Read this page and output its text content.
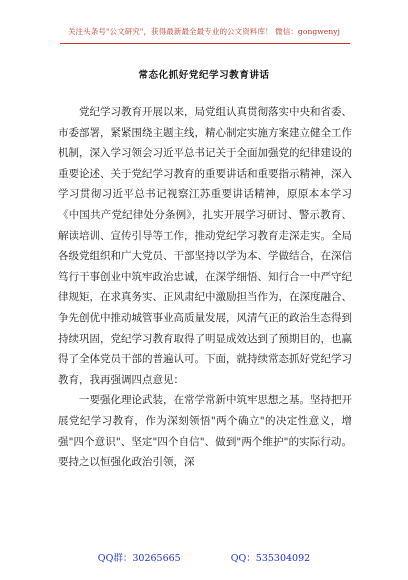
关注头条号"公文研究"，获得最新最全最专业的公文资料库！ 微信：gongwenyj
常态化抓好党纪学习教育讲话

党纪学习教育开展以来，局党组认真贯彻落实中央和省委、市委部署，紧紧围绕主题主线，精心制定实施方案建立健全工作机制，深入学习领会习近平总书记关于全面加强党的纪律建设的重要论述、关于党纪学习教育的重要讲话和重要指示精神，深入学习贯彻习近平总书记视察江苏重要讲话精神，原原本本学习《中国共产党纪律处分条例》，扎实开展学习研讨、警示教育、解读培训、宣传引导等工作，推动党纪学习教育走深走实。全局各级党组织和广大党员、干部坚持以学为本、学做结合，在深信笃行干事创业中筑牢政治忠诚，在深学细悟、知行合一中严守纪律规矩，在求真务实、正风肃纪中激励担当作为，在深度融合、争先创优中推动城管事业高质量发展，风清气正的政治生态得到持续巩固，党纪学习教育取得了明显成效达到了预期目的，也赢得了全体党员干部的普遍认可。下面，就持续常态抓好党纪学习教育，我再强调四点意见：

一要强化理论武装，在常学常新中筑牢思想之基。坚持把开展党纪学习教育，作为深刻领悟"两个确立"的决定性意义，增强"四个意识"、坚定"四个自信"、做到"两个维护"的实际行动。要持之以恒强化政治引领，深

QQ群：30265665	QQ：535304092
